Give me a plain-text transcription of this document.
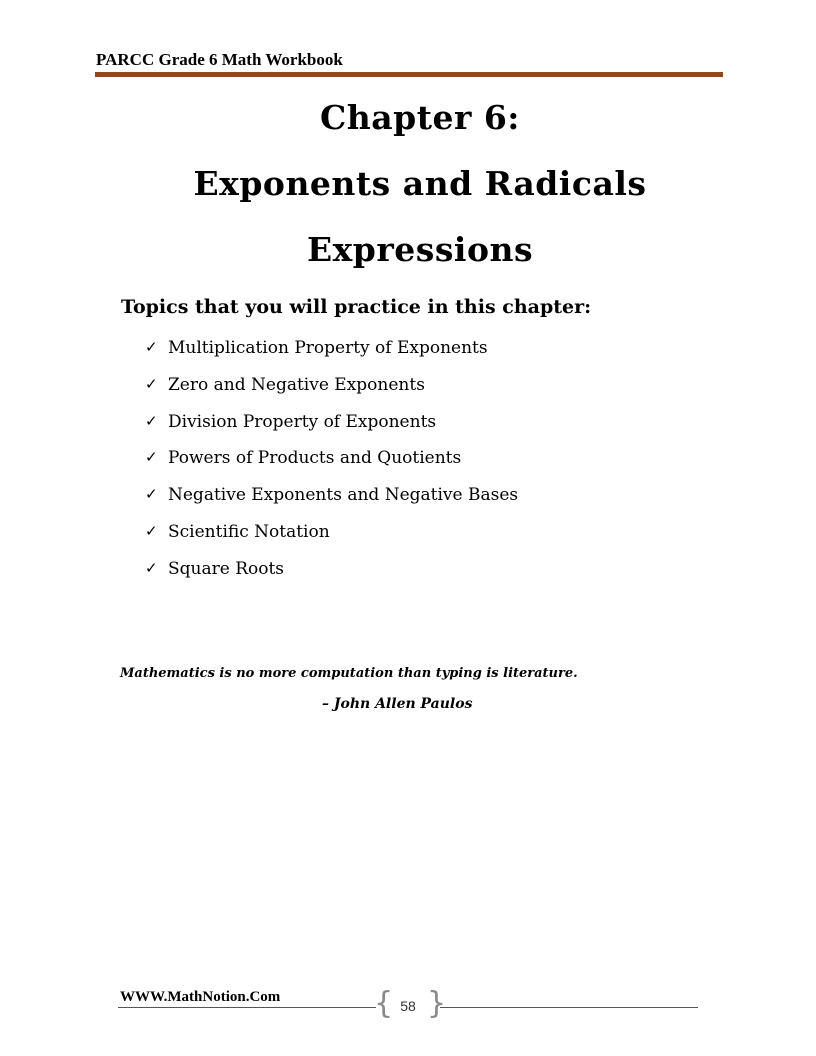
PARCC Grade 6 Math Workbook
Chapter 6:
Exponents and Radicals
Expressions
Topics that you will practice in this chapter:
✓ Multiplication Property of Exponents
✓ Zero and Negative Exponents
✓ Division Property of Exponents
✓ Powers of Products and Quotients
✓ Negative Exponents and Negative Bases
✓ Scientific Notation
✓ Square Roots
Mathematics is no more computation than typing is literature.
– John Allen Paulos
WWW.MathNotion.Com	{ 58 }
